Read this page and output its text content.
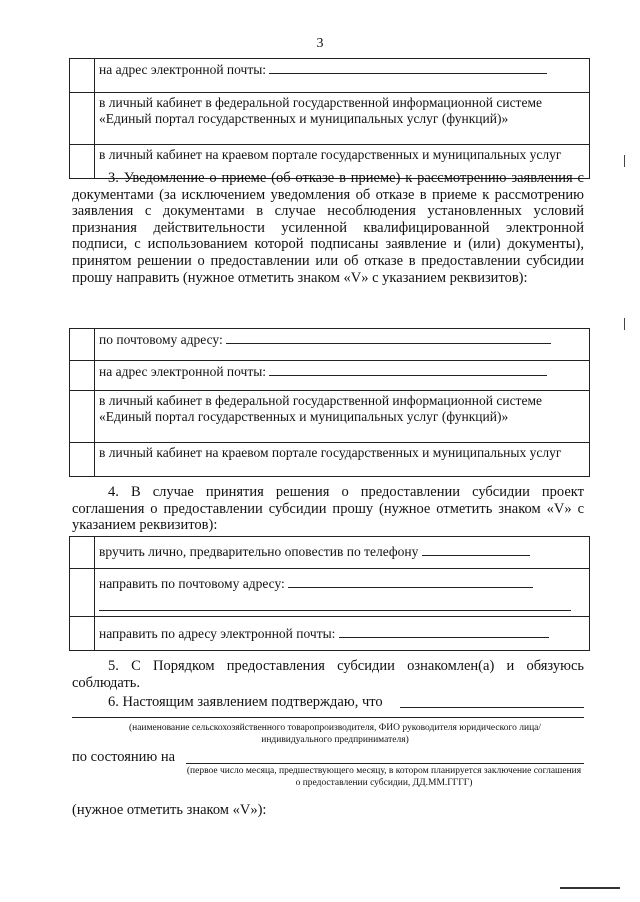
3
	на адрес электронной почты:
	в личный кабинет в федеральной государственной информационной системе «Единый портал государственных и муниципальных услуг (функций)»
	в личный кабинет на краевом портале государственных и муниципальных услуг

3. Уведомление о приеме (об отказе в приеме) к рассмотрению заявления с документами (за исключением уведомления об отказе в приеме к рассмотрению заявления с документами в случае несоблюдения установленных условий признания действительности усиленной квалифицированной электронной подписи, с использованием которой подписаны заявление и (или) документы), принятом решении о предоставлении или об отказе в предоставлении субсидии прошу направить (нужное отметить знаком «V» с указанием реквизитов):

	по почтовому адресу:
	на адрес электронной почты:
	в личный кабинет в федеральной государственной информационной системе «Единый портал государственных и муниципальных услуг (функций)»
	в личный кабинет на краевом портале государственных и муниципальных услуг

4. В случае принятия решения о предоставлении субсидии проект соглашения о предоставлении субсидии прошу (нужное отметить знаком «V» с указанием реквизитов):

	вручить лично, предварительно оповестив по телефону
	направить по почтовому адресу:

	направить по адресу электронной почты:

5. С Порядком предоставления субсидии ознакомлен(а) и обязуюсь соблюдать.

6. Настоящим заявлением подтверждаю, что
(наименование сельскохозяйственного товаропроизводителя, ФИО руководителя юридического лица/индивидуального предпринимателя)
по состоянию на
(первое число месяца, предшествующего месяцу, в котором планируется заключение соглашения о предоставлении субсидии, ДД.ММ.ГГГГ)
(нужное отметить знаком «V»):
